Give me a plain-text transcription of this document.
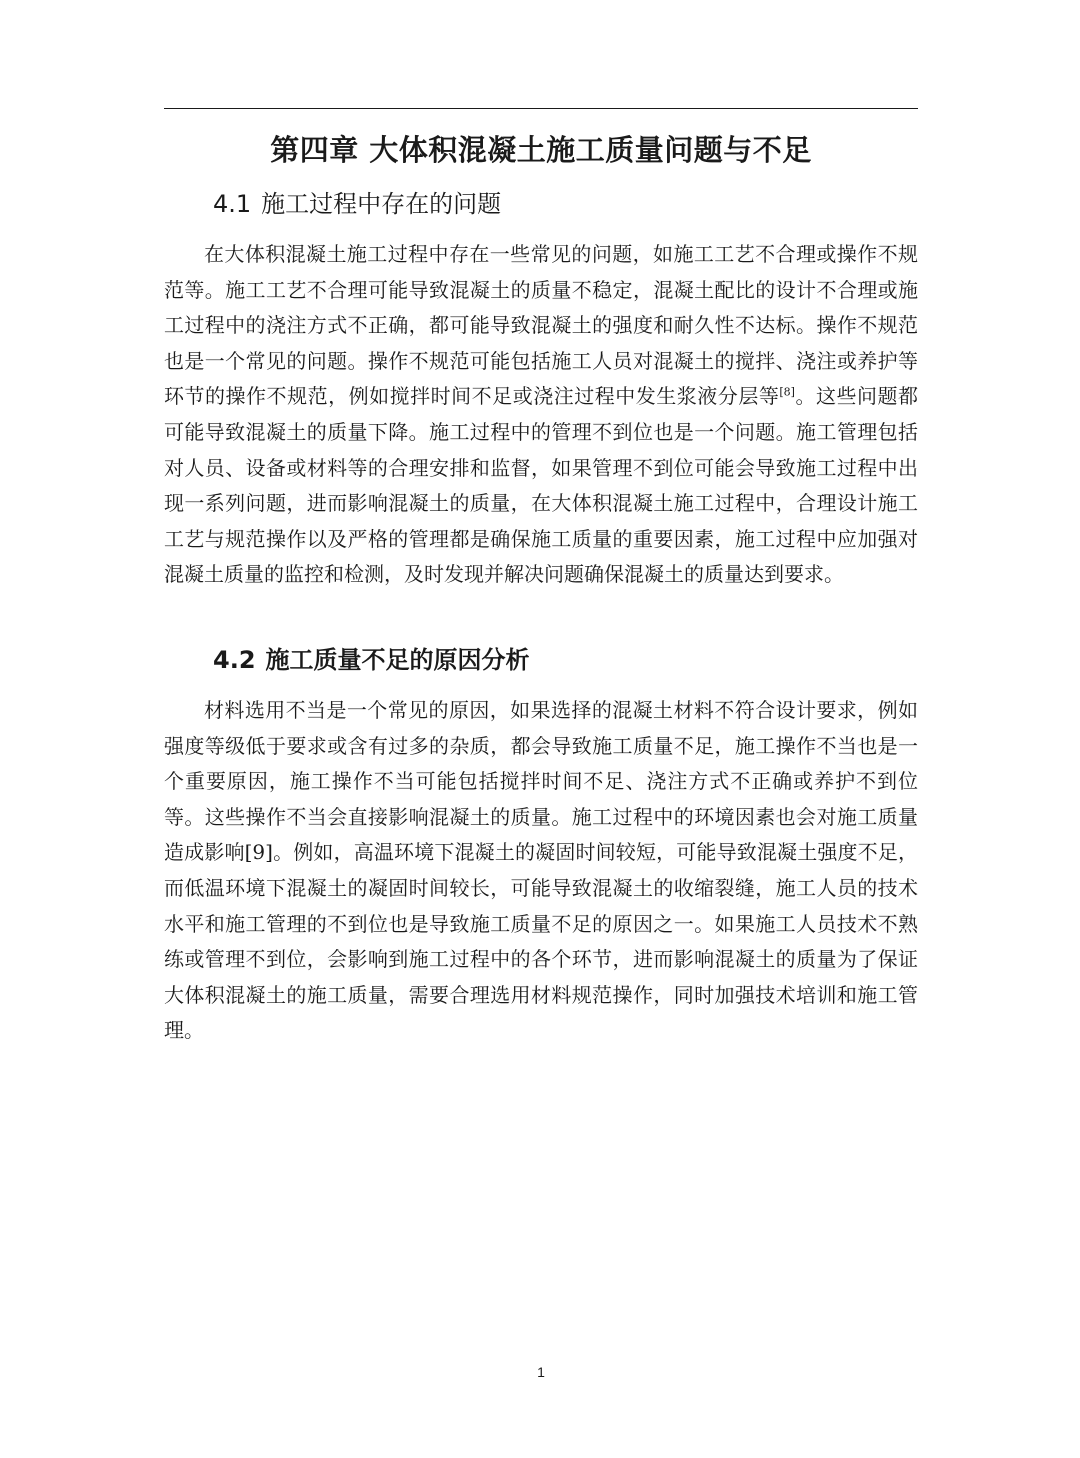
第四章 大体积混凝土施工质量问题与不足
4.1 施工过程中存在的问题

在大体积混凝土施工过程中存在一些常见的问题，如施工工艺不合理或操作不规范等。施工工艺不合理可能导致混凝土的质量不稳定，混凝土配比的设计不合理或施工过程中的浇注方式不正确，都可能导致混凝土的强度和耐久性不达标。操作不规范也是一个常见的问题。操作不规范可能包括施工人员对混凝土的搅拌、浇注或养护等环节的操作不规范，例如搅拌时间不足或浇注过程中发生浆液分层等[8]。这些问题都可能导致混凝土的质量下降。施工过程中的管理不到位也是一个问题。施工管理包括对人员、设备或材料等的合理安排和监督，如果管理不到位可能会导致施工过程中出现一系列问题，进而影响混凝土的质量，在大体积混凝土施工过程中，合理设计施工工艺与规范操作以及严格的管理都是确保施工质量的重要因素，施工过程中应加强对混凝土质量的监控和检测，及时发现并解决问题确保混凝土的质量达到要求。

4.2 施工质量不足的原因分析

材料选用不当是一个常见的原因，如果选择的混凝土材料不符合设计要求，例如强度等级低于要求或含有过多的杂质，都会导致施工质量不足，施工操作不当也是一个重要原因，施工操作不当可能包括搅拌时间不足、浇注方式不正确或养护不到位等。这些操作不当会直接影响混凝土的质量。施工过程中的环境因素也会对施工质量造成影响[9]。例如，高温环境下混凝土的凝固时间较短，可能导致混凝土强度不足，而低温环境下混凝土的凝固时间较长，可能导致混凝土的收缩裂缝，施工人员的技术水平和施工管理的不到位也是导致施工质量不足的原因之一。如果施工人员技术不熟练或管理不到位，会影响到施工过程中的各个环节，进而影响混凝土的质量为了保证大体积混凝土的施工质量，需要合理选用材料规范操作，同时加强技术培训和施工管理。

1
